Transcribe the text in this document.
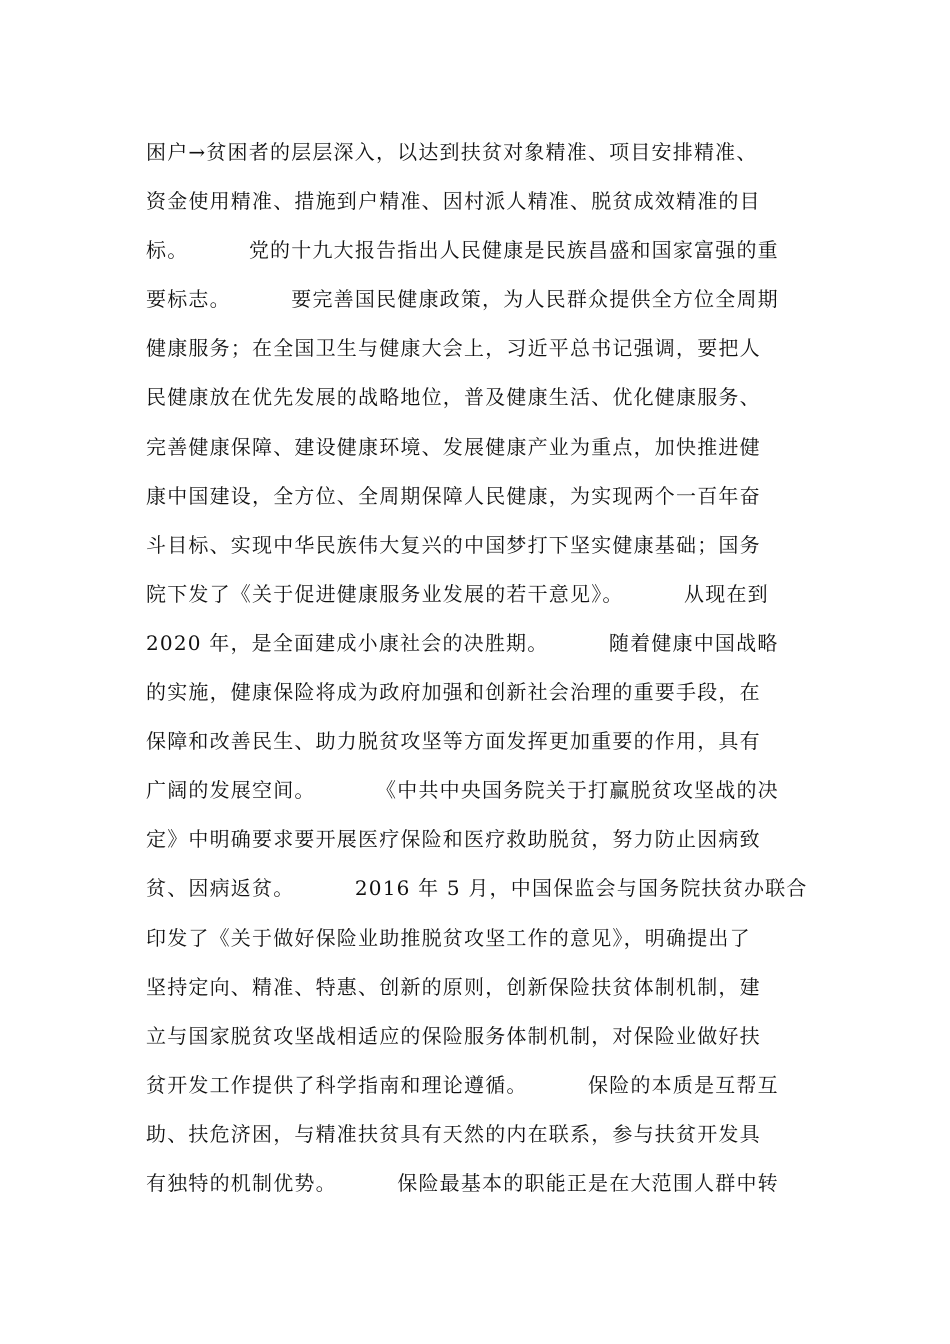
困户→贫困者的层层深入，以达到扶贫对象精准、项目安排精准、
资金使用精准、措施到户精准、因村派人精准、脱贫成效精准的目
标。        党的十九大报告指出人民健康是民族昌盛和国家富强的重
要标志。        要完善国民健康政策，为人民群众提供全方位全周期
健康服务；在全国卫生与健康大会上，习近平总书记强调，要把人
民健康放在优先发展的战略地位，普及健康生活、优化健康服务、
完善健康保障、建设健康环境、发展健康产业为重点，加快推进健
康中国建设，全方位、全周期保障人民健康，为实现两个一百年奋
斗目标、实现中华民族伟大复兴的中国梦打下坚实健康基础；国务
院下发了《关于促进健康服务业发展的若干意见》。        从现在到
2020 年，是全面建成小康社会的决胜期。        随着健康中国战略
的实施，健康保险将成为政府加强和创新社会治理的重要手段，在
保障和改善民生、助力脱贫攻坚等方面发挥更加重要的作用，具有
广阔的发展空间。        《中共中央国务院关于打赢脱贫攻坚战的决
定》中明确要求要开展医疗保险和医疗救助脱贫，努力防止因病致
贫、因病返贫。        2016 年 5 月，中国保监会与国务院扶贫办联合
印发了《关于做好保险业助推脱贫攻坚工作的意见》，明确提出了
坚持定向、精准、特惠、创新的原则，创新保险扶贫体制机制，建
立与国家脱贫攻坚战相适应的保险服务体制机制，对保险业做好扶
贫开发工作提供了科学指南和理论遵循。        保险的本质是互帮互
助、扶危济困，与精准扶贫具有天然的内在联系，参与扶贫开发具
有独特的机制优势。        保险最基本的职能正是在大范围人群中转
